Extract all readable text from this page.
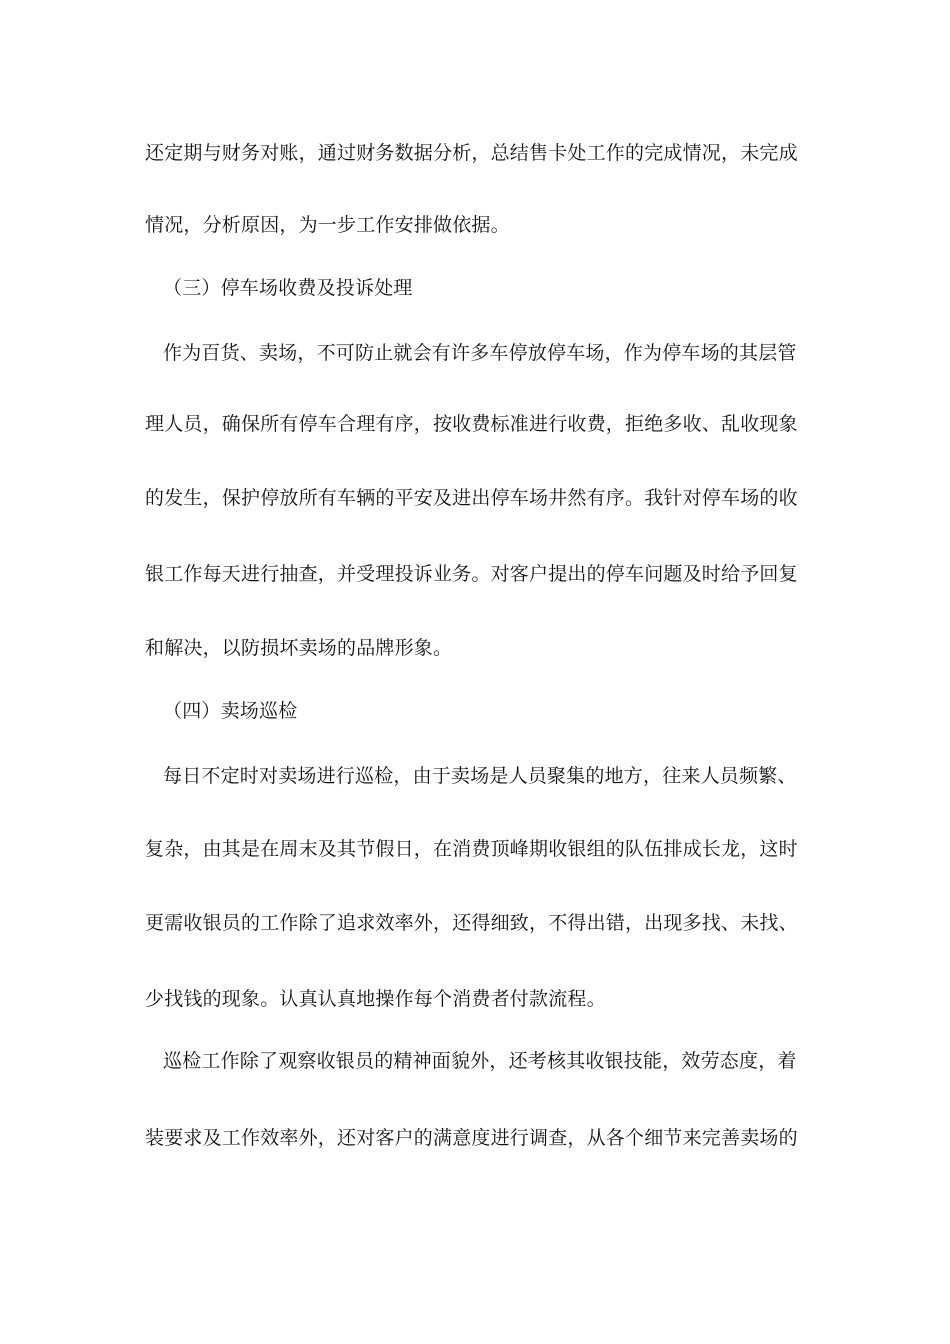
还定期与财务对账，通过财务数据分析，总结售卡处工作的完成情况，未完成
情况，分析原因，为一步工作安排做依据。
（三）停车场收费及投诉处理
作为百货、卖场，不可防止就会有许多车停放停车场，作为停车场的其层管
理人员，确保所有停车合理有序，按收费标准进行收费，拒绝多收、乱收现象
的发生，保护停放所有车辆的平安及进出停车场井然有序。我针对停车场的收
银工作每天进行抽查，并受理投诉业务。对客户提出的停车问题及时给予回复
和解决，以防损坏卖场的品牌形象。
（四）卖场巡检
每日不定时对卖场进行巡检，由于卖场是人员聚集的地方，往来人员频繁、
复杂，由其是在周末及其节假日，在消费顶峰期收银组的队伍排成长龙，这时
更需收银员的工作除了追求效率外，还得细致，不得出错，出现多找、未找、
少找钱的现象。认真认真地操作每个消费者付款流程。
巡检工作除了观察收银员的精神面貌外，还考核其收银技能，效劳态度，着
装要求及工作效率外，还对客户的满意度进行调查，从各个细节来完善卖场的
